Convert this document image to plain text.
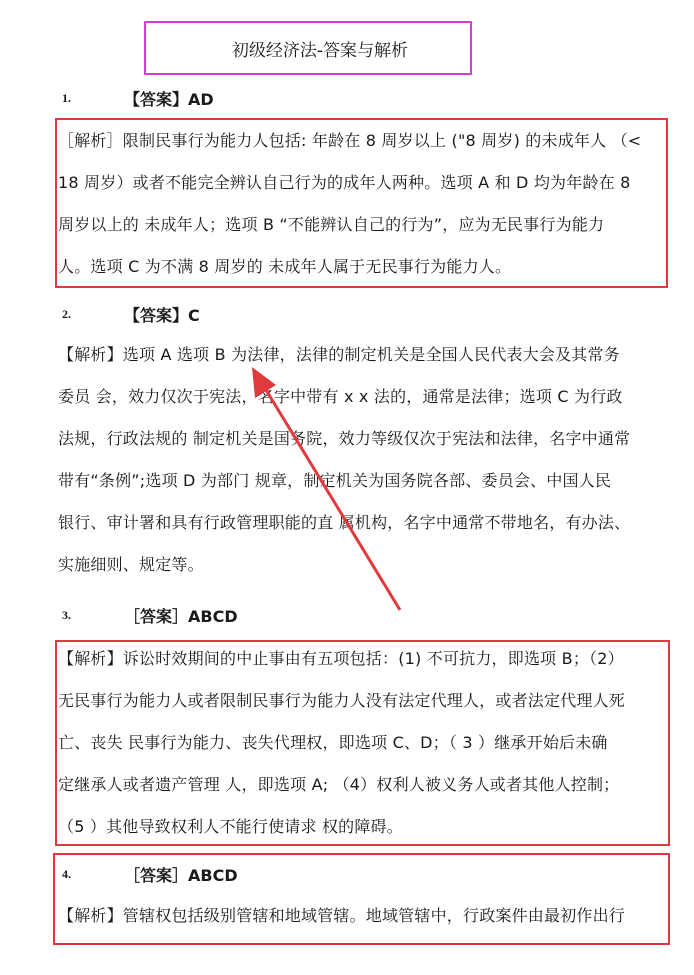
初级经济法-答案与解析
1.	【答案】AD
［解析］限制民事行为能力人包括: 年龄在 8 周岁以上 ("8 周岁) 的未成年人 （<
18 周岁）或者不能完全辨认自己行为的成年人两种。选项 A 和 D 均为年龄在 8
周岁以上的 未成年人；选项 B “不能辨认自己的行为”，应为无民事行为能力
人。选项 C 为不满 8 周岁的 未成年人属于无民事行为能力人。
2.	【答案】C
【解析】选项 A 选项 B 为法律，法律的制定机关是全国人民代表大会及其常务
委员 会，效力仅次于宪法，名字中带有 x x 法的，通常是法律；选项 C 为行政
法规，行政法规的 制定机关是国务院，效力等级仅次于宪法和法律，名字中通常
带有“条例”;选项 D 为部门 规章，制定机关为国务院各部、委员会、中国人民
银行、审计署和具有行政管理职能的直 属机构，名字中通常不带地名，有办法、
实施细则、规定等。
3.	［答案］ABCD
【解析】诉讼时效期间的中止事由有五项包括：(1) 不可抗力，即选项 B；（2）
无民事行为能力人或者限制民事行为能力人没有法定代理人，或者法定代理人死
亡、丧失 民事行为能力、丧失代理权，即选项 C、D；（ 3 ）继承开始后未确
定继承人或者遗产管理 人，即选项 A; （4）权利人被义务人或者其他人控制；
（5 ）其他导致权利人不能行使请求 权的障碍。
4.	［答案］ABCD
【解析】管辖权包括级别管辖和地域管辖。地域管辖中，行政案件由最初作出行
